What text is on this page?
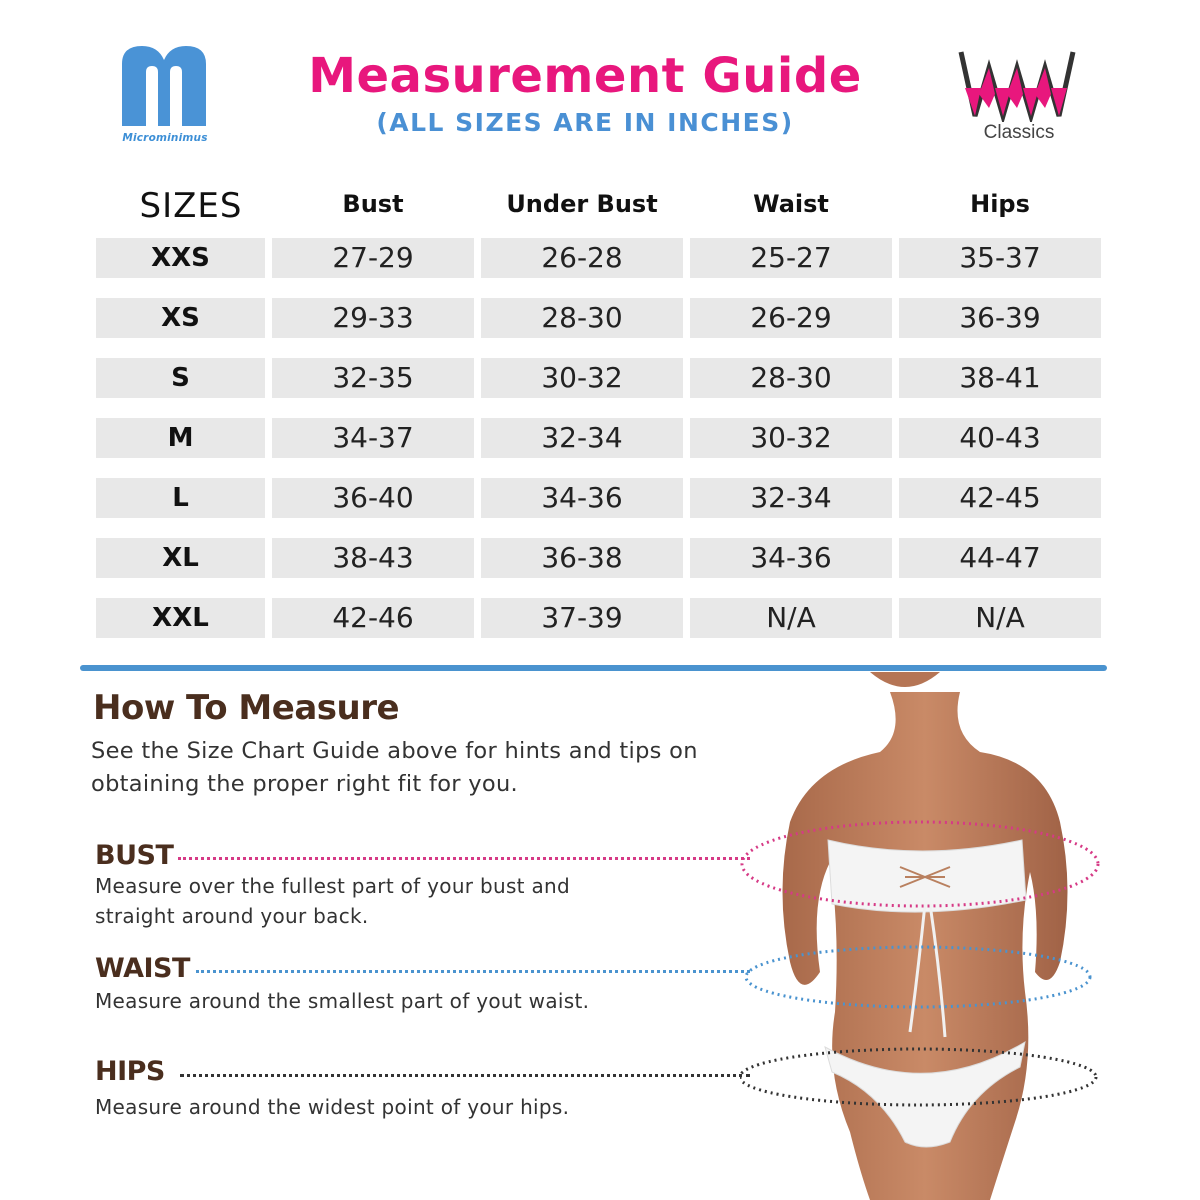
Microminimus
Measurement Guide
(ALL SIZES ARE IN INCHES)	Classics
SIZES	Bust	Under Bust	Waist	Hips
XXS	27-29	26-28	25-27	35-37
XS	29-33	28-30	26-29	36-39
S	32-35	30-32	28-30	38-41
M	34-37	32-34	30-32	40-43
L	36-40	34-36	32-34	42-45
XL	38-43	36-38	34-36	44-47
XXL	42-46	37-39	N/A	N/A
How To Measure
See the Size Chart Guide above for hints and tips on obtaining the proper right fit for you.
BUST
Measure over the fullest part of your bust and straight around your back.
WAIST
Measure around the smallest part of yout waist.
HIPS
Measure around the widest point of your hips.
